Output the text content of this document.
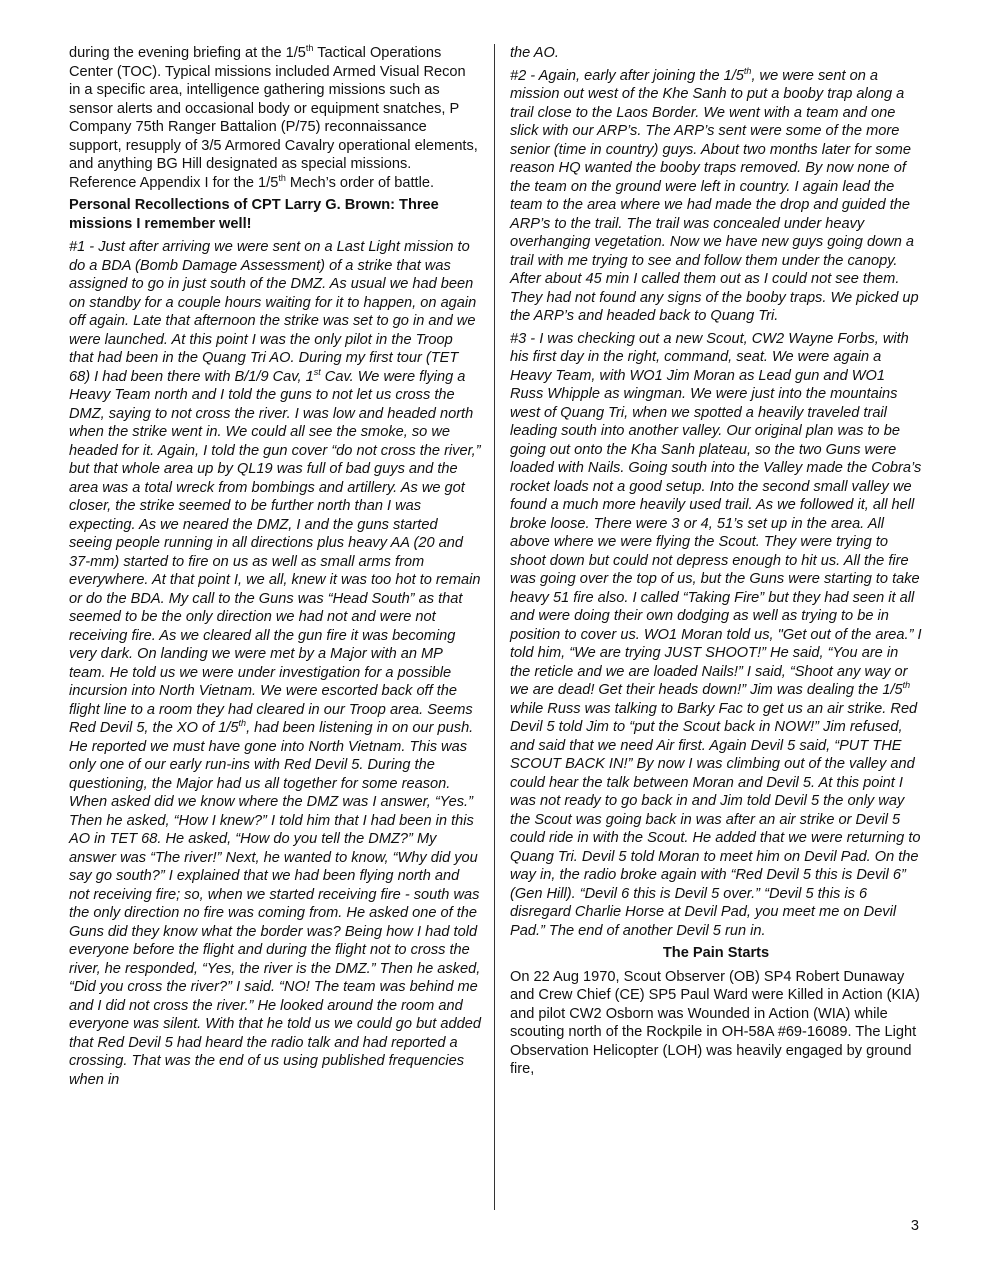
during the evening briefing at the 1/5th Tactical Operations Center (TOC). Typical missions included Armed Visual Recon in a specific area, intelligence gathering missions such as sensor alerts and occasional body or equipment snatches, P Company 75th Ranger Battalion (P/75) reconnaissance support, resupply of 3/5 Armored Cavalry operational elements, and anything BG Hill designated as special missions. Reference Appendix I for the 1/5th Mech’s order of battle.

Personal Recollections of CPT Larry G. Brown: Three missions I remember well!

#1 - Just after arriving we were sent on a Last Light mission to do a BDA (Bomb Damage Assessment) of a strike that was assigned to go in just south of the DMZ. As usual we had been on standby for a couple hours waiting for it to happen, on again off again. Late that afternoon the strike was set to go in and we were launched. At this point I was the only pilot in the Troop that had been in the Quang Tri AO. During my first tour (TET 68) I had been there with B/1/9 Cav, 1st Cav. We were flying a Heavy Team north and I told the guns to not let us cross the DMZ, saying to not cross the river. I was low and headed north when the strike went in. We could all see the smoke, so we headed for it. Again, I told the gun cover “do not cross the river,” but that whole area up by QL19 was full of bad guys and the area was a total wreck from bombings and artillery. As we got closer, the strike seemed to be further north than I was expecting. As we neared the DMZ, I and the guns started seeing people running in all directions plus heavy AA (20 and 37-mm) started to fire on us as well as small arms from everywhere. At that point I, we all, knew it was too hot to remain or do the BDA. My call to the Guns was “Head South” as that seemed to be the only direction we had not and were not receiving fire. As we cleared all the gun fire it was becoming very dark. On landing we were met by a Major with an MP team. He told us we were under investigation for a possible incursion into North Vietnam. We were escorted back off the flight line to a room they had cleared in our Troop area. Seems Red Devil 5, the XO of 1/5th, had been listening in on our push. He reported we must have gone into North Vietnam. This was only one of our early run-ins with Red Devil 5. During the questioning, the Major had us all together for some reason. When asked did we know where the DMZ was I answer, “Yes.” Then he asked, “How I knew?” I told him that I had been in this AO in TET 68. He asked, “How do you tell the DMZ?” My answer was “The river!” Next, he wanted to know, “Why did you say go south?” I explained that we had been flying north and not receiving fire; so, when we started receiving fire - south was the only direction no fire was coming from. He asked one of the Guns did they know what the border was? Being how I had told everyone before the flight and during the flight not to cross the river, he responded, “Yes, the river is the DMZ.” Then he asked, “Did you cross the river?” I said. “NO! The team was behind me and I did not cross the river.” He looked around the room and everyone was silent. With that he told us we could go but added that Red Devil 5 had heard the radio talk and had reported a crossing. That was the end of us using published frequencies when in

the AO.

#2 - Again, early after joining the 1/5th, we were sent on a mission out west of the Khe Sanh to put a booby trap along a trail close to the Laos Border. We went with a team and one slick with our ARP’s. The ARP’s sent were some of the more senior (time in country) guys. About two months later for some reason HQ wanted the booby traps removed. By now none of the team on the ground were left in country. I again lead the team to the area where we had made the drop and guided the ARP’s to the trail. The trail was concealed under heavy overhanging vegetation. Now we have new guys going down a trail with me trying to see and follow them under the canopy. After about 45 min I called them out as I could not see them. They had not found any signs of the booby traps. We picked up the ARP’s and headed back to Quang Tri.

#3 - I was checking out a new Scout, CW2 Wayne Forbs, with his first day in the right, command, seat. We were again a Heavy Team, with WO1 Jim Moran as Lead gun and WO1 Russ Whipple as wingman. We were just into the mountains west of Quang Tri, when we spotted a heavily traveled trail leading south into another valley. Our original plan was to be going out onto the Kha Sanh plateau, so the two Guns were loaded with Nails. Going south into the Valley made the Cobra’s rocket loads not a good setup. Into the second small valley we found a much more heavily used trail. As we followed it, all hell broke loose. There were 3 or 4, 51’s set up in the area. All above where we were flying the Scout. They were trying to shoot down but could not depress enough to hit us. All the fire was going over the top of us, but the Guns were starting to take heavy 51 fire also. I called “Taking Fire” but they had seen it all and were doing their own dodging as well as trying to be in position to cover us. WO1 Moran told us, "Get out of the area.” I told him, “We are trying JUST SHOOT!” He said, “You are in the reticle and we are loaded Nails!” I said, “Shoot any way or we are dead! Get their heads down!” Jim was dealing the 1/5th while Russ was talking to Barky Fac to get us an air strike. Red Devil 5 told Jim to “put the Scout back in NOW!” Jim refused, and said that we need Air first. Again Devil 5 said, “PUT THE SCOUT BACK IN!” By now I was climbing out of the valley and could hear the talk between Moran and Devil 5. At this point I was not ready to go back in and Jim told Devil 5 the only way the Scout was going back in was after an air strike or Devil 5 could ride in with the Scout. He added that we were returning to Quang Tri. Devil 5 told Moran to meet him on Devil Pad. On the way in, the radio broke again with “Red Devil 5 this is Devil 6” (Gen Hill). “Devil 6 this is Devil 5 over.” “Devil 5 this is 6 disregard Charlie Horse at Devil Pad, you meet me on Devil Pad.” The end of another Devil 5 run in.

The Pain Starts

On 22 Aug 1970, Scout Observer (OB) SP4 Robert Dunaway and Crew Chief (CE) SP5 Paul Ward were Killed in Action (KIA) and pilot CW2 Osborn was Wounded in Action (WIA) while scouting north of the Rockpile in OH-58A #69-16089. The Light Observation Helicopter (LOH) was heavily engaged by ground fire,

3
